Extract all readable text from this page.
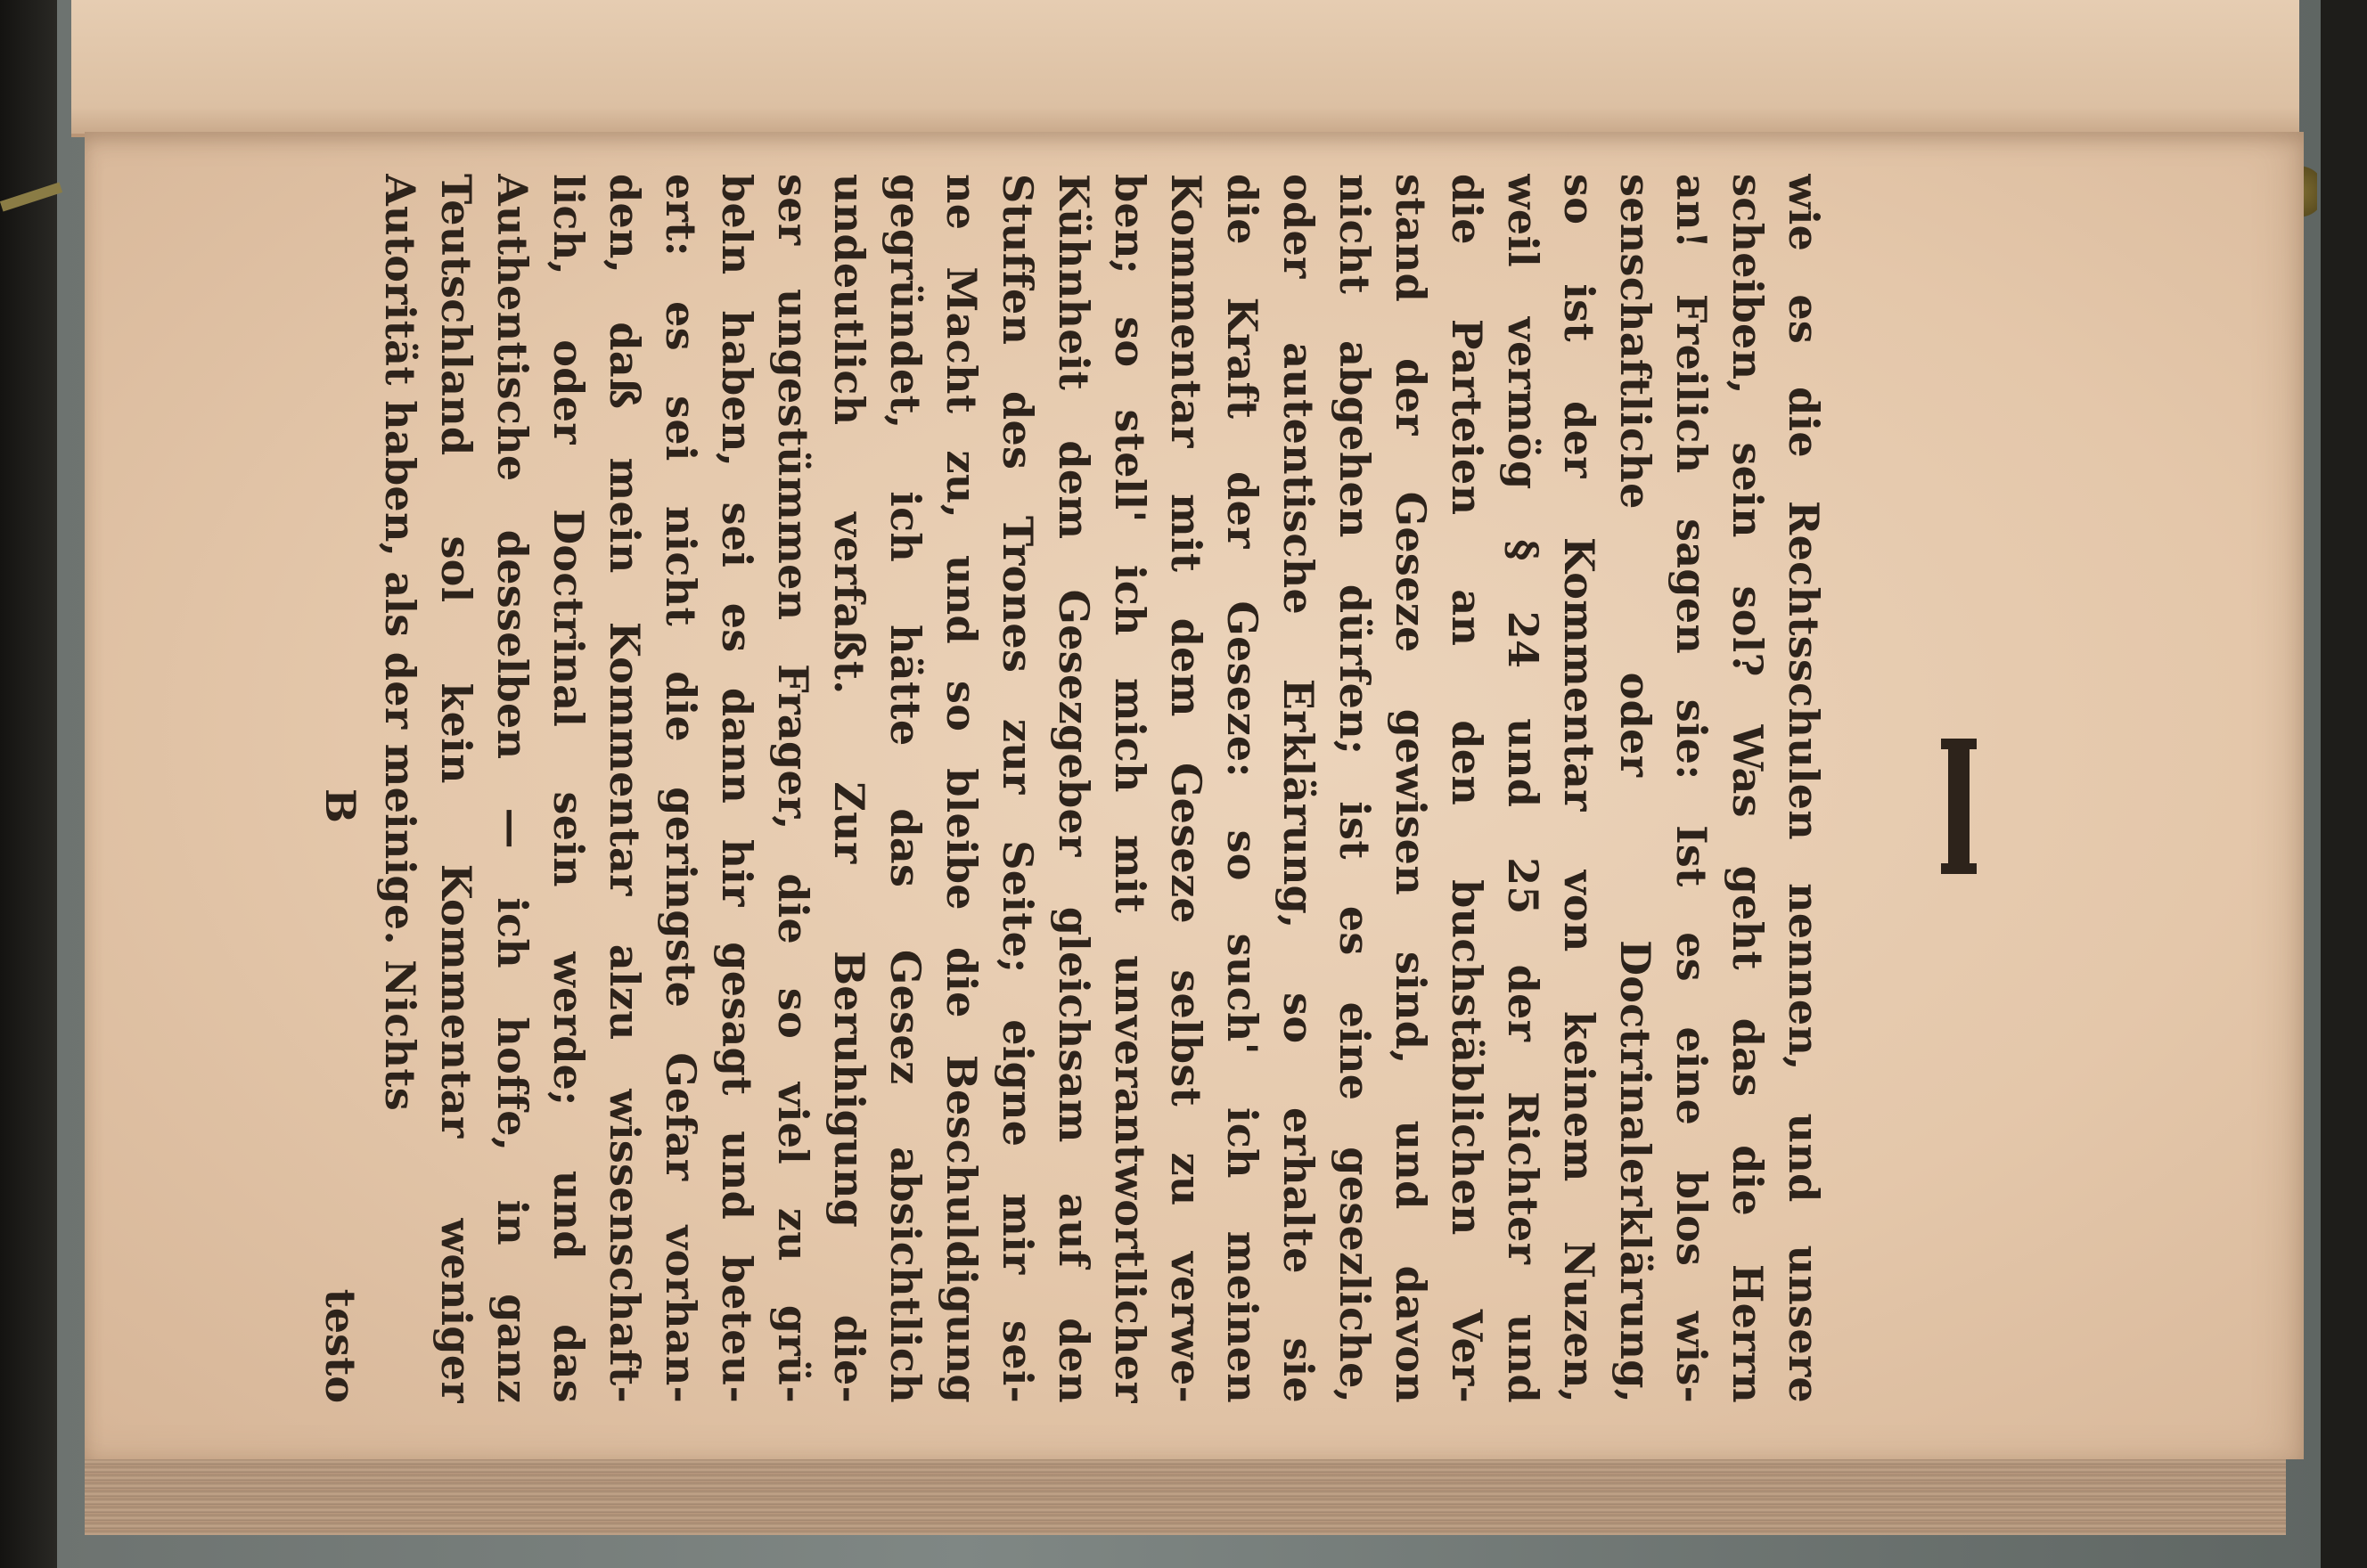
wie es die Rechtsschulen nennen, und unsere
scheiben, sein sol? Was geht das die Herrn
an! Freilich sagen sie: Ist es eine blos wis-
senschaftliche oder Doctrinalerklärung,
so ist der Kommentar von keinem Nuzen,
weil vermög § 24 und 25 der Richter und
die Parteien an den buchstäblichen Ver-
stand der Geseze gewisen sind, und davon
nicht abgehen dürfen; ist es eine gesezliche,
oder autentische Erklärung, so erhalte sie
die Kraft der Geseze: so such' ich meinen
Kommentar mit dem Geseze selbst zu verwe-
ben; so stell' ich mich mit unverantwortlicher
Kühnheit dem Gesezgeber gleichsam auf den
Stuffen des Trones zur Seite; eigne mir sei-
ne Macht zu, und so bleibe die Beschuldigung
gegründet, ich hätte das Gesez absichtlich
undeutlich verfaßt. Zur Beruhigung die-
ser ungestümmen Frager, die so viel zu grü-
beln haben, sei es dann hir gesagt und beteu-
ert: es sei nicht die geringste Gefar vorhan-
den, daß mein Kommentar alzu wissenschaft-
lich, oder Doctrinal sein werde; und das
Authentische desselben — ich hoffe, in ganz
Teutschland sol kein Kommentar weniger
Autorität haben, als der meinige. Nichts
B
testo
